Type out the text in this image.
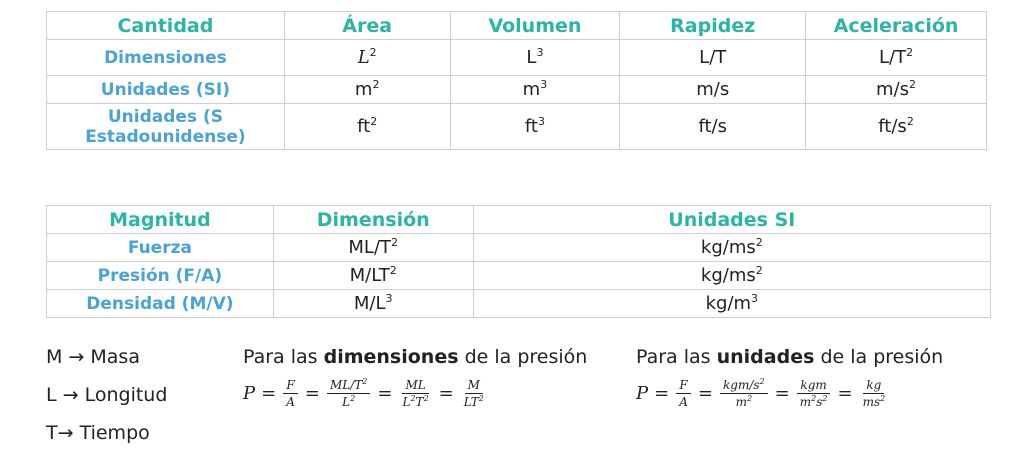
Cantidad	Área	Volumen	Rapidez	Aceleración
Dimensiones	$L^2$	$L^3$	L/T	$L/T^2$
Unidades (SI)	$m^2$	$m^3$	m/s	$m/s^2$
Unidades (S
Estadounidense)	$ft^2$	$ft^3$	ft/s	$ft/s^2$
Magnitud	Dimensión	Unidades SI
Fuerza	$ML/T^2$	$kg/ms^2$
Presión (F/A)	$M/LT^2$	$kg/ms^2$
Densidad (M/V)	$M/L^3$	$kg/m^3$
M → Masa
L → Longitud
T→ Tiempo
Para las dimensiones de la presión	Para las unidades de la presión
$P = \frac{F}{A} = \frac{ML/T^2}{L^2} = \frac{ML}{L^2T^2} = \frac{M}{LT^2}$	$P = \frac{F}{A} = \frac{kgm/s^2}{m^2} = \frac{\text{kgm}}{m^2s^2} = \frac{kg}{ms^2}$
